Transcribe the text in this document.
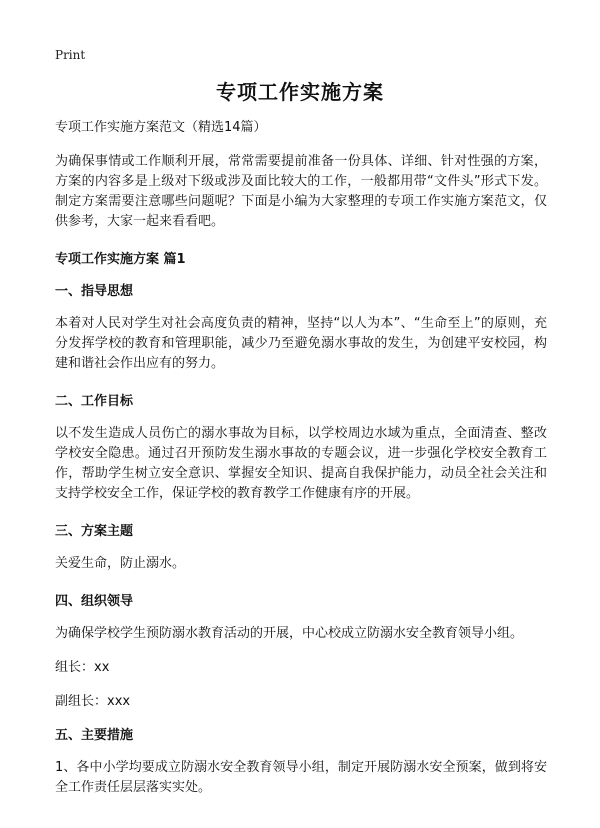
Print
专项工作实施方案

专项工作实施方案范文（精选14篇）

为确保事情或工作顺利开展，常常需要提前准备一份具体、详细、针对性强的方案，方案的内容多是上级对下级或涉及面比较大的工作，一般都用带“文件头”形式下发。制定方案需要注意哪些问题呢？下面是小编为大家整理的专项工作实施方案范文，仅供参考，大家一起来看看吧。

专项工作实施方案 篇1

一、指导思想

本着对人民对学生对社会高度负责的精神，坚持“以人为本”、“生命至上”的原则，充分发挥学校的教育和管理职能，减少乃至避免溺水事故的发生，为创建平安校园，构建和谐社会作出应有的努力。

二、工作目标

以不发生造成人员伤亡的溺水事故为目标，以学校周边水域为重点，全面清查、整改学校安全隐患。通过召开预防发生溺水事故的专题会议，进一步强化学校安全教育工作，帮助学生树立安全意识、掌握安全知识、提高自我保护能力，动员全社会关注和支持学校安全工作，保证学校的教育教学工作健康有序的开展。

三、方案主题

关爱生命，防止溺水。

四、组织领导

为确保学校学生预防溺水教育活动的开展，中心校成立防溺水安全教育领导小组。

组长：xx

副组长：xxx

五、主要措施

1、各中小学均要成立防溺水安全教育领导小组，制定开展防溺水安全预案，做到将安全工作责任层层落实实处。
